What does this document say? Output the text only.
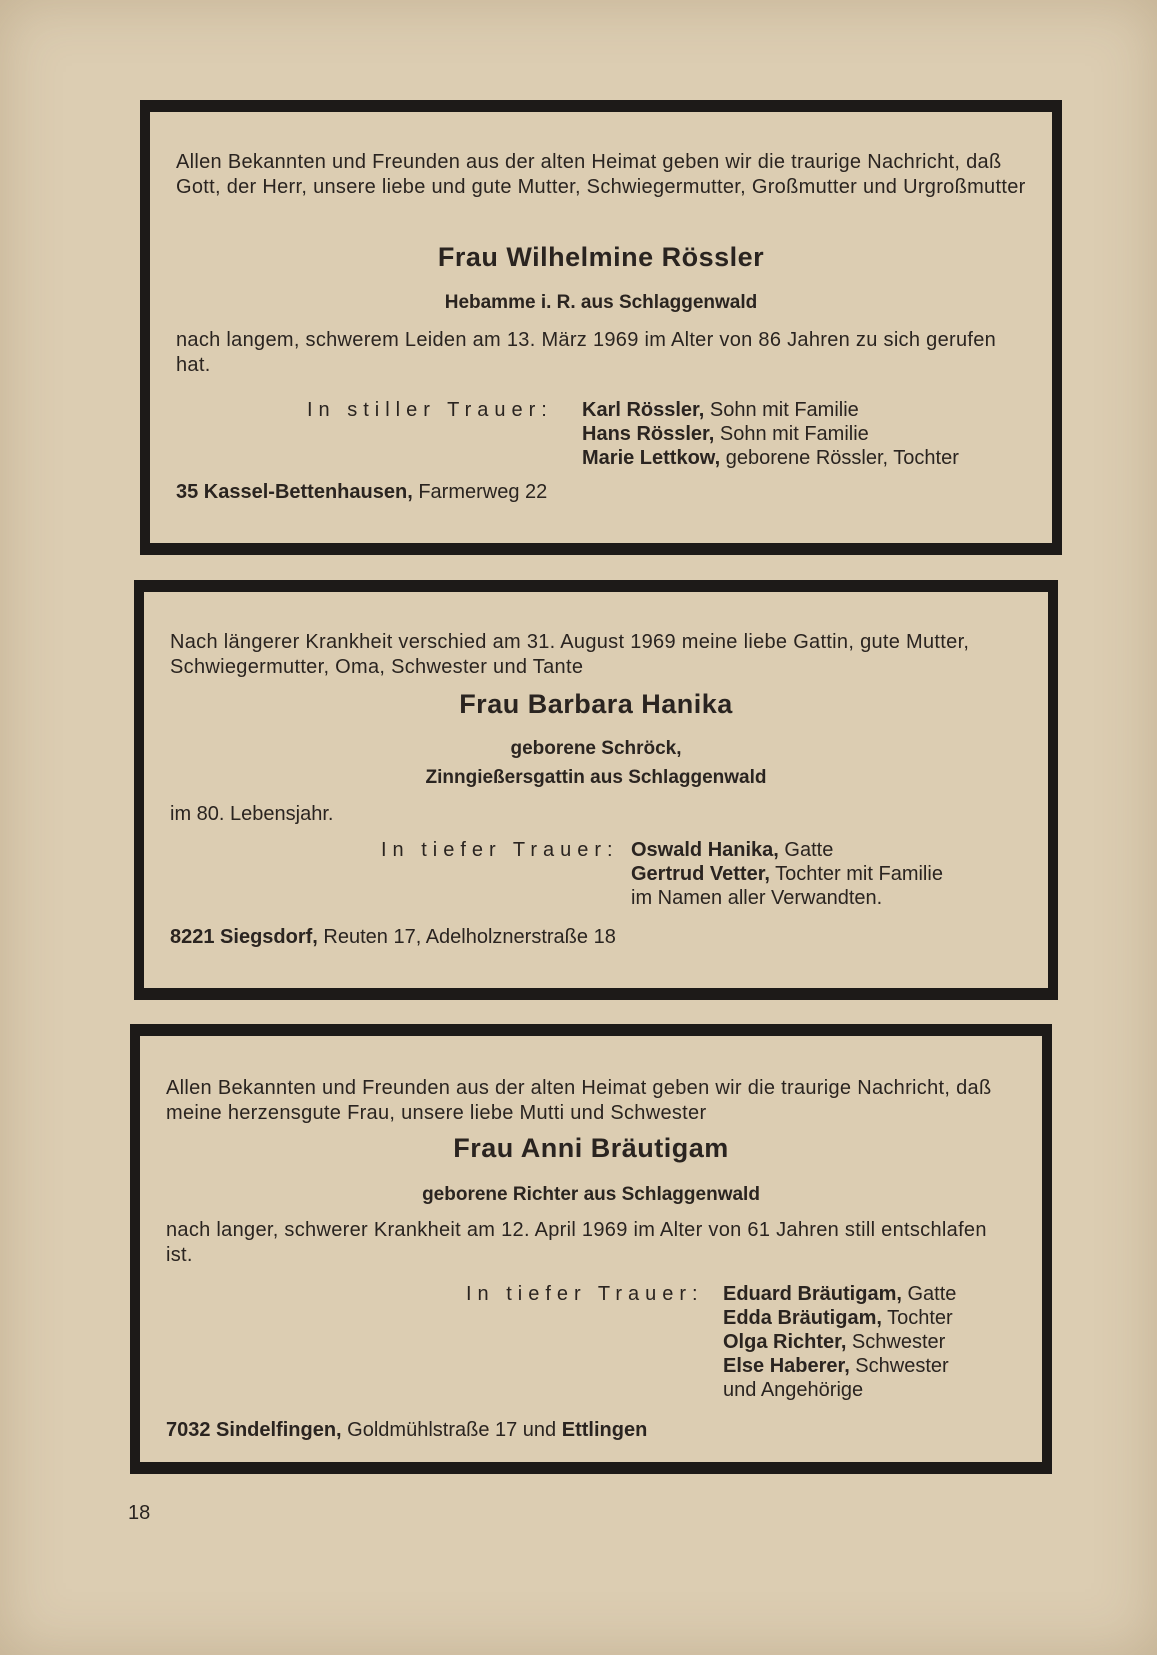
Allen Bekannten und Freunden aus der alten Heimat geben wir die traurige Nachricht, daß Gott, der Herr, unsere liebe und gute Mutter, Schwiegermutter, Großmutter und Urgroßmutter

Frau Wilhelmine Rössler
Hebamme i. R. aus Schlaggenwald

nach langem, schwerem Leiden am 13. März 1969 im Alter von 86 Jahren zu sich gerufen hat.

In stiller Trauer: Karl Rössler, Sohn mit Familie
Hans Rössler, Sohn mit Familie
Marie Lettkow, geborene Rössler, Tochter
35 Kassel-Bettenhausen, Farmerweg 22

Nach längerer Krankheit verschied am 31. August 1969 meine liebe Gattin, gute Mutter, Schwiegermutter, Oma, Schwester und Tante

Frau Barbara Hanika
geborene Schröck,
Zinngießersgattin aus Schlaggenwald
im 80. Lebensjahr.
In tiefer Trauer: Oswald Hanika, Gatte
Gertrud Vetter, Tochter mit Familie
im Namen aller Verwandten.
8221 Siegsdorf, Reuten 17, Adelholznerstraße 18

Allen Bekannten und Freunden aus der alten Heimat geben wir die traurige Nachricht, daß meine herzensgute Frau, unsere liebe Mutti und Schwester

Frau Anni Bräutigam
geborene Richter aus Schlaggenwald

nach langer, schwerer Krankheit am 12. April 1969 im Alter von 61 Jahren still entschlafen ist.

In tiefer Trauer: Eduard Bräutigam, Gatte
Edda Bräutigam, Tochter
Olga Richter, Schwester
Else Haberer, Schwester
und Angehörige
7032 Sindelfingen, Goldmühlstraße 17 und Ettlingen
18
